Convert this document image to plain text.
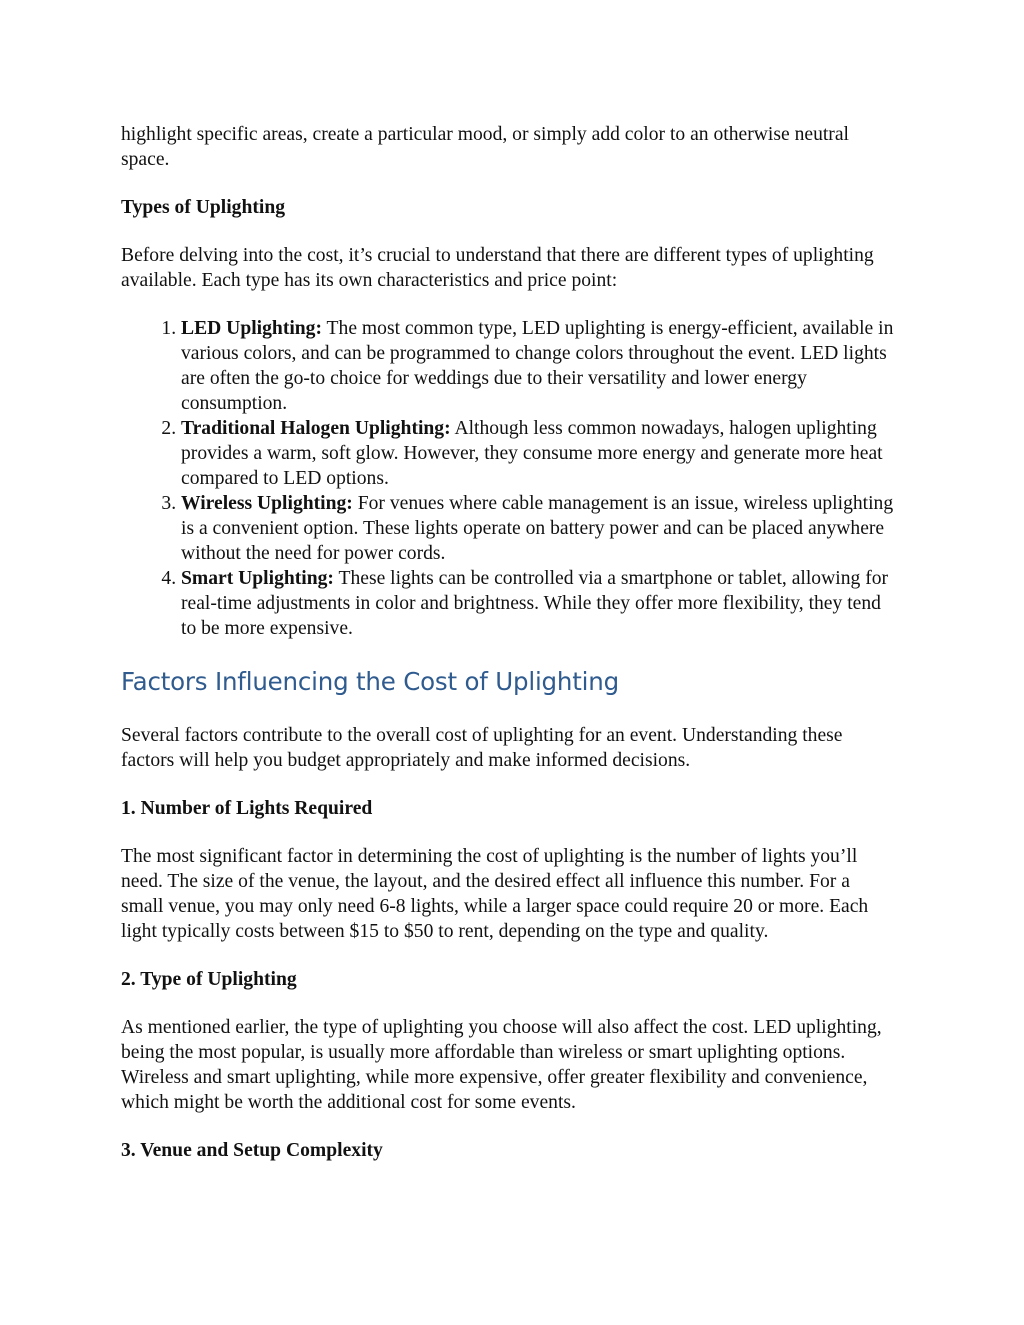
highlight specific areas, create a particular mood, or simply add color to an otherwise neutral space.

Types of Uplighting

Before delving into the cost, it’s crucial to understand that there are different types of uplighting available. Each type has its own characteristics and price point:

1. LED Uplighting: The most common type, LED uplighting is energy-efficient, available in various colors, and can be programmed to change colors throughout the event. LED lights are often the go-to choice for weddings due to their versatility and lower energy consumption.
2. Traditional Halogen Uplighting: Although less common nowadays, halogen uplighting provides a warm, soft glow. However, they consume more energy and generate more heat compared to LED options.
3. Wireless Uplighting: For venues where cable management is an issue, wireless uplighting is a convenient option. These lights operate on battery power and can be placed anywhere without the need for power cords.
4. Smart Uplighting: These lights can be controlled via a smartphone or tablet, allowing for real-time adjustments in color and brightness. While they offer more flexibility, they tend to be more expensive.
Factors Influencing the Cost of Uplighting

Several factors contribute to the overall cost of uplighting for an event. Understanding these factors will help you budget appropriately and make informed decisions.

1. Number of Lights Required

The most significant factor in determining the cost of uplighting is the number of lights you’ll need. The size of the venue, the layout, and the desired effect all influence this number. For a small venue, you may only need 6-8 lights, while a larger space could require 20 or more. Each light typically costs between $15 to $50 to rent, depending on the type and quality.

2. Type of Uplighting

As mentioned earlier, the type of uplighting you choose will also affect the cost. LED uplighting, being the most popular, is usually more affordable than wireless or smart uplighting options. Wireless and smart uplighting, while more expensive, offer greater flexibility and convenience, which might be worth the additional cost for some events.

3. Venue and Setup Complexity
